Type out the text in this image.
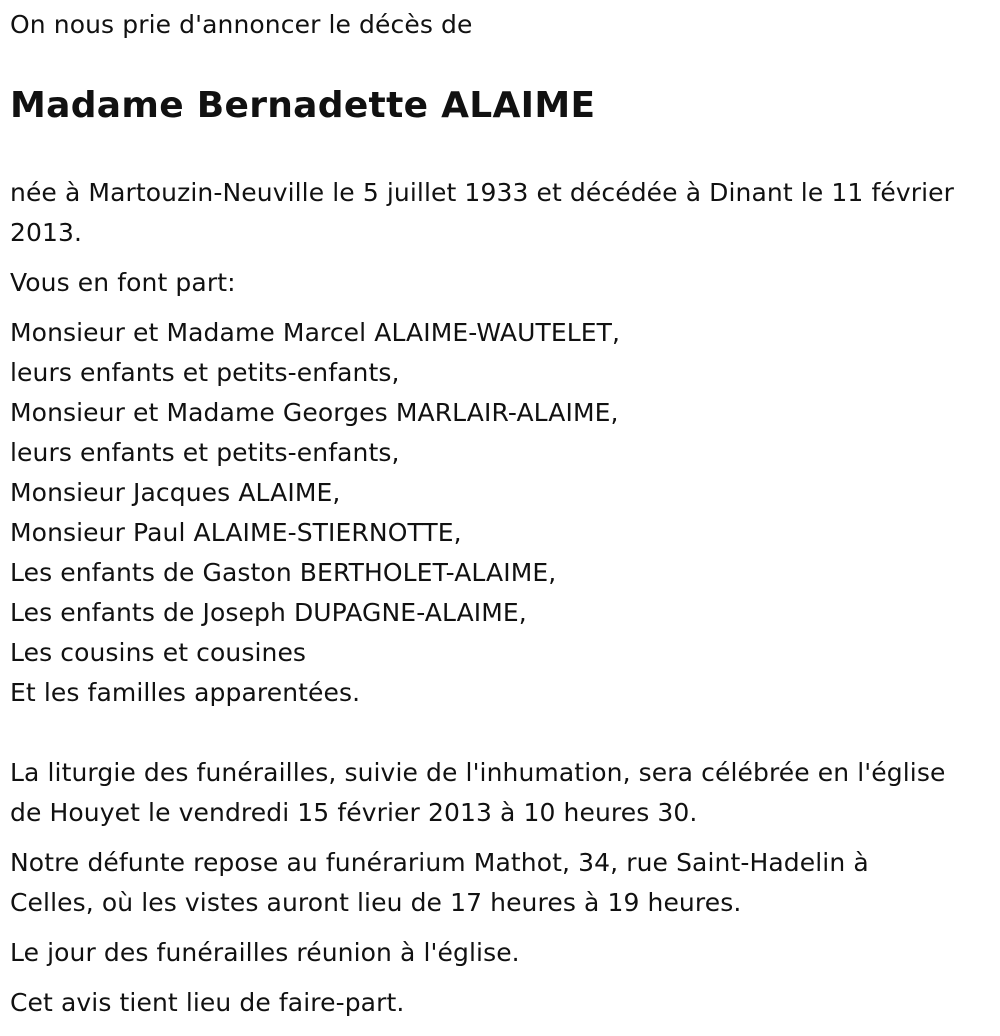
On nous prie d'annoncer le décès de

Madame Bernadette ALAIME

née à Martouzin-Neuville le 5 juillet 1933 et décédée à Dinant le 11 février

2013.

Vous en font part:

Monsieur et Madame Marcel ALAIME-WAUTELET,

leurs enfants et petits-enfants,

Monsieur et Madame Georges MARLAIR-ALAIME,

leurs enfants et petits-enfants,

Monsieur Jacques ALAIME,

Monsieur Paul ALAIME-STIERNOTTE,

Les enfants de Gaston BERTHOLET-ALAIME,

Les enfants de Joseph DUPAGNE-ALAIME,

Les cousins et cousines

Et les familles apparentées.

La liturgie des funérailles, suivie de l'inhumation, sera célébrée en l'église

de Houyet le vendredi 15 février 2013 à 10 heures 30.

Notre défunte repose au funérarium Mathot, 34, rue Saint-Hadelin à

Celles, où les vistes auront lieu de 17 heures à 19 heures.

Le jour des funérailles réunion à l'église.

Cet avis tient lieu de faire-part.
